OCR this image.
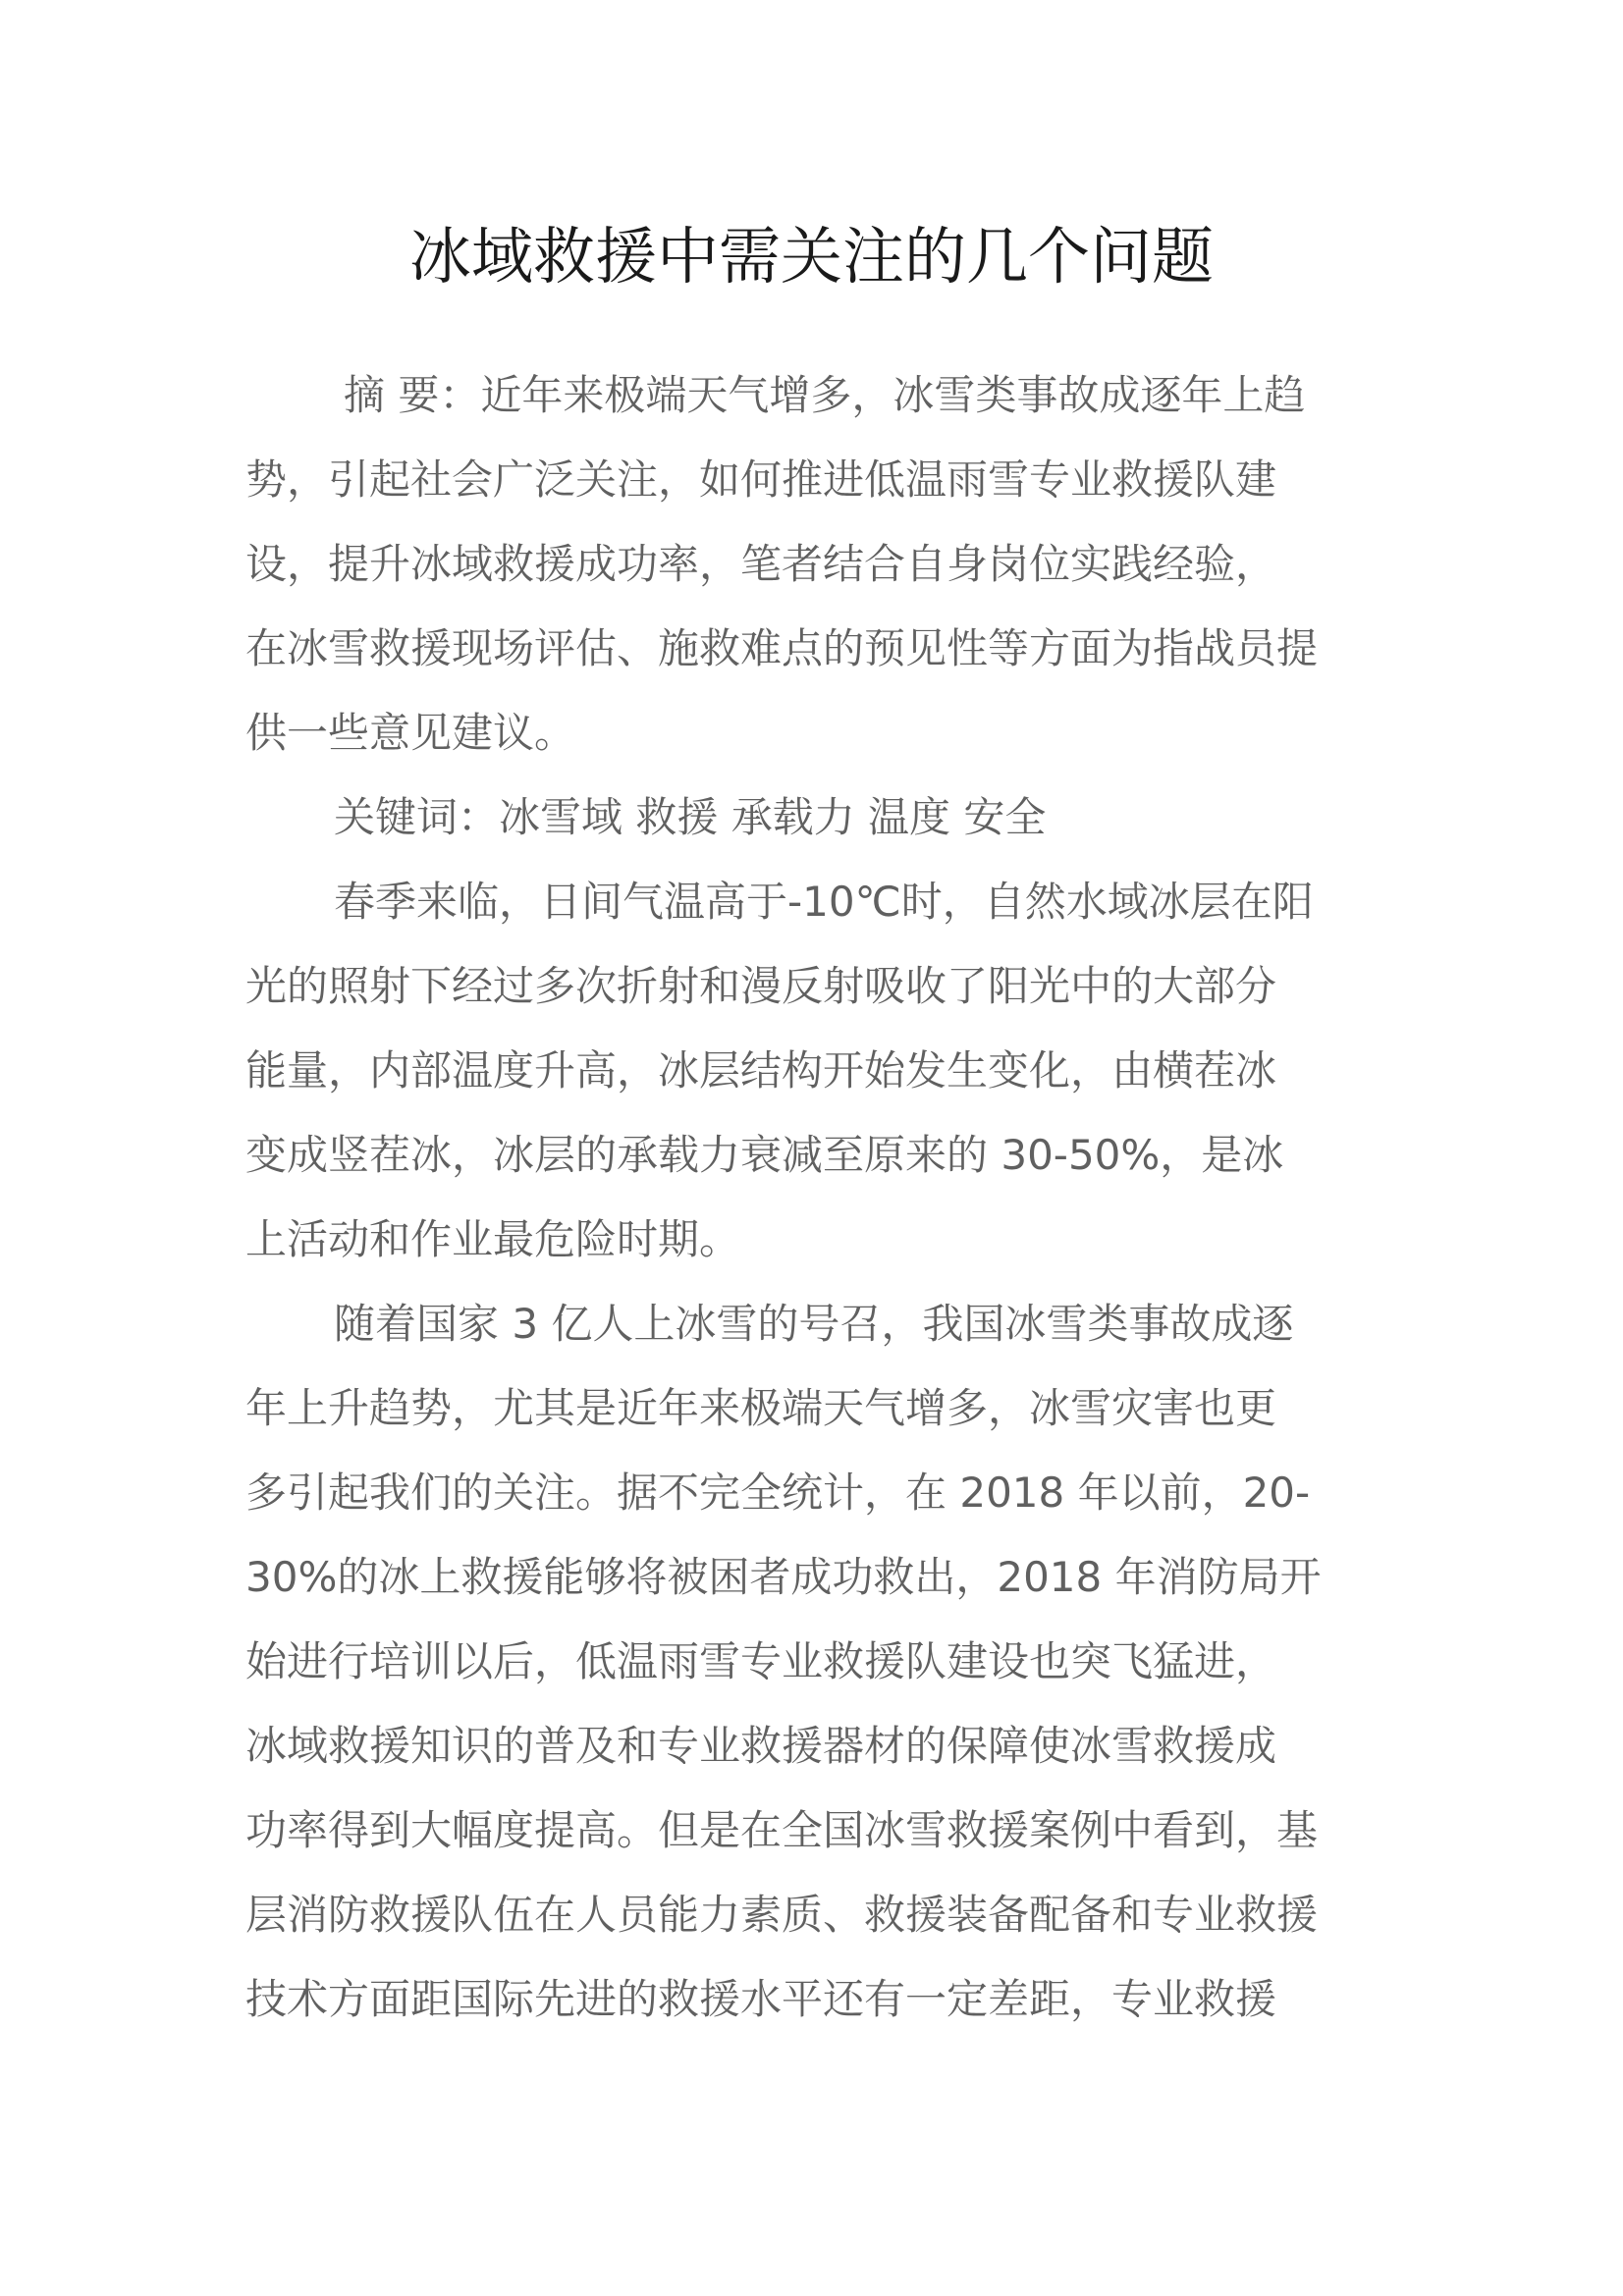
冰域救援中需关注的几个问题
摘 要：近年来极端天气增多，冰雪类事故成逐年上趋
势，引起社会广泛关注，如何推进低温雨雪专业救援队建
设，提升冰域救援成功率，笔者结合自身岗位实践经验，
在冰雪救援现场评估、施救难点的预见性等方面为指战员提
供一些意见建议。
关键词：冰雪域 救援 承载力 温度 安全
春季来临，日间气温高于-10℃时，自然水域冰层在阳
光的照射下经过多次折射和漫反射吸收了阳光中的大部分
能量，内部温度升高，冰层结构开始发生变化，由横茬冰
变成竖茬冰，冰层的承载力衰减至原来的 30-50%，是冰
上活动和作业最危险时期。
随着国家 3 亿人上冰雪的号召，我国冰雪类事故成逐
年上升趋势，尤其是近年来极端天气增多，冰雪灾害也更
多引起我们的关注。据不完全统计，在 2018 年以前，20-
30%的冰上救援能够将被困者成功救出，2018 年消防局开
始进行培训以后，低温雨雪专业救援队建设也突飞猛进，
冰域救援知识的普及和专业救援器材的保障使冰雪救援成
功率得到大幅度提高。但是在全国冰雪救援案例中看到，基
层消防救援队伍在人员能力素质、救援装备配备和专业救援
技术方面距国际先进的救援水平还有一定差距，专业救援
